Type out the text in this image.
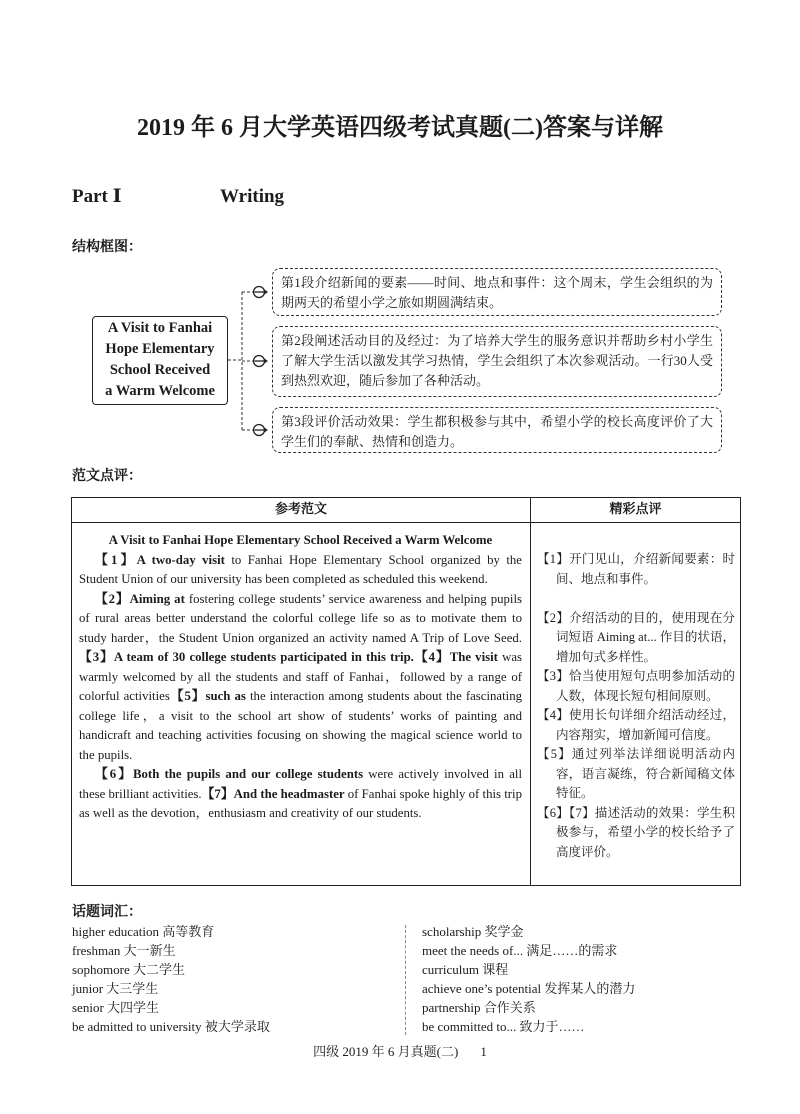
2019 年 6 月大学英语四级考试真题(二)答案与详解
Part Ⅰ	Writing
结构框图：
A Visit to Fanhai
Hope Elementary
School Received
a Warm Welcome
第1段介绍新闻的要素——时间、地点和事件：这个周末，学生会组织的为期两天的希望小学之旅如期圆满结束。
第2段阐述活动目的及经过：为了培养大学生的服务意识并帮助乡村小学生了解大学生活以激发其学习热情，学生会组织了本次参观活动。一行30人受到热烈欢迎，随后参加了各种活动。
第3段评价活动效果：学生都积极参与其中，希望小学的校长高度评价了大学生们的奉献、热情和创造力。
范文点评：
参考范文	精彩点评

A Visit to Fanhai Hope Elementary School Received a Warm Welcome

【1】A two-day visit to Fanhai Hope Elementary School organized by the Student Union of our university has been completed as scheduled this weekend.

【2】Aiming at fostering college students’ service awareness and helping pupils of rural areas better understand the colorful college life so as to motivate them to study harder，the Student Union organized an activity named A Trip of Love Seed.【3】A team of 30 college students participated in this trip.【4】The visit was warmly welcomed by all the students and staff of Fanhai，followed by a range of colorful activities【5】such as the interaction among students about the fascinating college life，a visit to the school art show of students’ works of painting and handicraft and teaching activities focusing on showing the magical science world to the pupils.

【6】Both the pupils and our college students were actively involved in all these brilliant activities.【7】And the headmaster of Fanhai spoke highly of this trip as well as the devotion，enthusiasm and creativity of our students.

【1】开门见山，介绍新闻要素：时间、地点和事件。

【2】介绍活动的目的，使用现在分词短语 Aiming at... 作目的状语，增加句式多样性。

【3】恰当使用短句点明参加活动的人数，体现长短句相间原则。

【4】使用长句详细介绍活动经过，内容翔实，增加新闻可信度。

【5】通过列举法详细说明活动内容，语言凝练，符合新闻稿文体特征。

【6】【7】描述活动的效果：学生积极参与，希望小学的校长给予了高度评价。

话题词汇：
higher education 高等教育
freshman 大一新生
sophomore 大二学生
junior 大三学生
senior 大四学生
be admitted to university 被大学录取
scholarship 奖学金
meet the needs of... 满足……的需求
curriculum 课程
achieve one’s potential 发挥某人的潜力
partnership 合作关系
be committed to... 致力于……
四级 2019 年 6 月真题(二) 1
